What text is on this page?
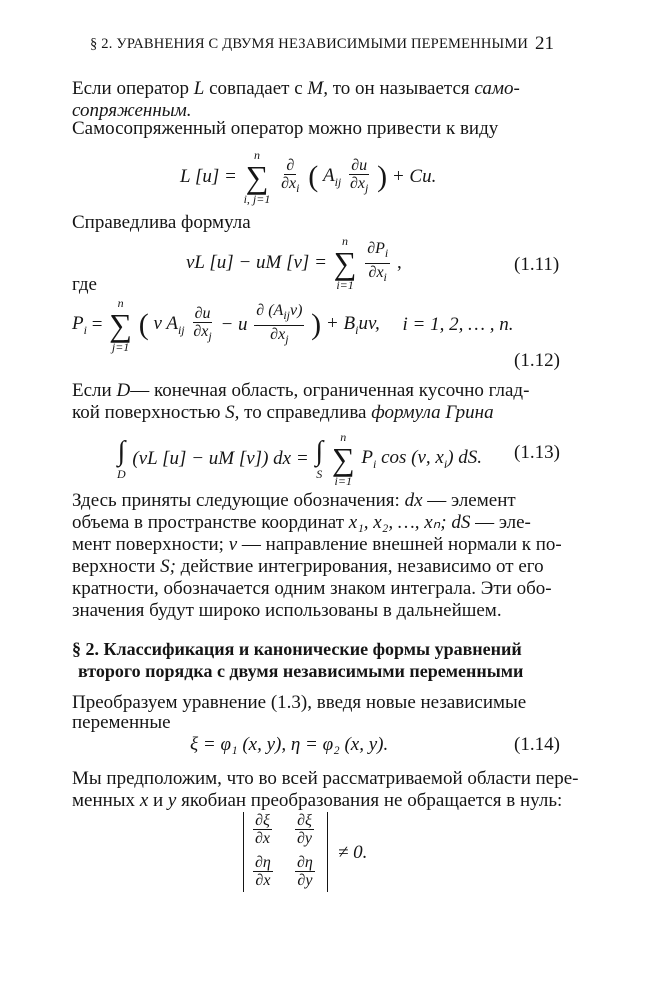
§ 2. УРАВНЕНИЯ С ДВУМЯ НЕЗАВИСИМЫМИ ПЕРЕМЕННЫМИ 21
Если оператор L совпадает с M, то он называется само-
сопряженным.
Самосопряженный оператор можно привести к виду
L [u] =
n
∑
i, j=1

$\frac{\partial}{\partial x_i}$ ( $A_{ij} \frac{\partial u}{\partial x_j}$ ) + Cu.
Справедлива формула
vL [u] − uM [v] =
n
∑
i=1
$\frac{\partial P_i}{\partial x_i}$ ,	(1.11)
где
$P_i$ =
n
∑
j=1
( v $A_{ij} \frac{\partial u}{\partial x_j} - u \frac{\partial (A_{ij}v)}{\partial x_j}$ ) + $B_iuv$, i = 1, 2, … , n.
(1.12)
Если D— конечная область, ограниченная кусочно глад-
кой поверхностью S, то справедлива формула Грина
∫
D
(vL [u] − uM [v]) dx = ∫
S

n
∑
i=1
$P_i$ cos (ν, $x_i$) dS. (1.13)
Здесь приняты следующие обозначения: dx — элемент
объема в пространстве координат x₁, x₂, …, xₙ; dS — эле-
мент поверхности; ν — направление внешней нормали к по-
верхности S; действие интегрирования, независимо от его
кратности, обозначается одним знаком интеграла. Эти обо-
значения будут широко использованы в дальнейшем.
§ 2. Классификация и канонические формы уравнений
второго порядка с двумя независимыми переменными
Преобразуем уравнение (1.3), введя новые независимые
переменные
ξ = φ₁ (x, y), η = φ₂ (x, y).	(1.14)
Мы предположим, что во всей рассматриваемой области пере-
менных x и y якобиан преобразования не обращается в нуль:
$\frac{\partial\xi}{\partial x} \frac{\partial\xi}{\partial y}$
$\frac{\partial\eta}{\partial x} \frac{\partial\eta}{\partial y}$
≠ 0.
